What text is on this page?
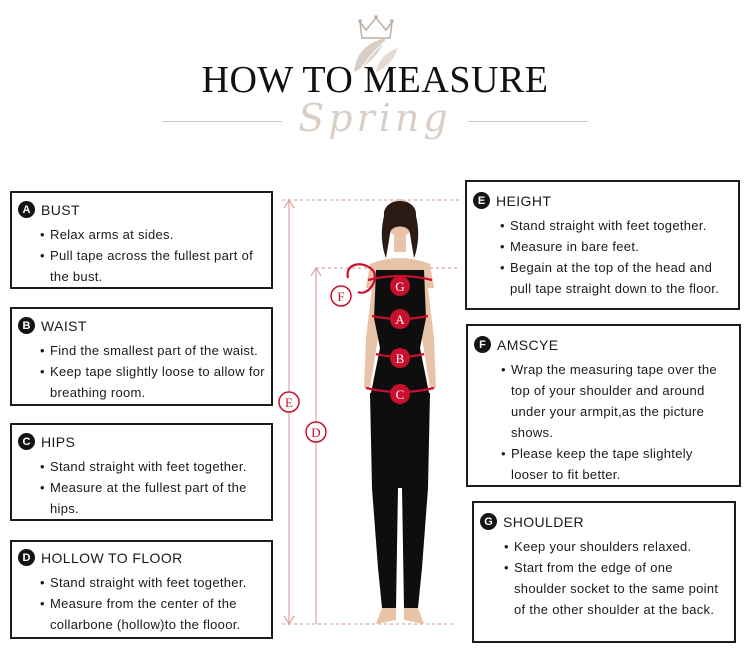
HOW TO MEASURE
Spring
A BUST
• Relax arms at sides.
• Pull tape across the fullest part of the bust.
B WAIST
• Find the smallest part of the waist.
• Keep tape slightly loose to allow for breathing room.
C HIPS
• Stand straight with feet together.
• Measure at the fullest part of the hips.
D HOLLOW TO FLOOR
• Stand straight with feet together.
• Measure from the center of the collarbone (hollow)to the flooor.
E HEIGHT
• Stand straight with feet together.
• Measure in bare feet.
• Begain at the top of the head and pull tape straight down to the floor.
F AMSCYE
• Wrap the measuring tape over the top of your shoulder and around under your armpit,as the picture shows.
• Please keep the tape slightely looser to fit better.
G SHOULDER
• Keep your shoulders relaxed.
• Start from the edge of one shoulder socket to the same point of the other shoulder at the back.
G
A
B
C
F
E
D
